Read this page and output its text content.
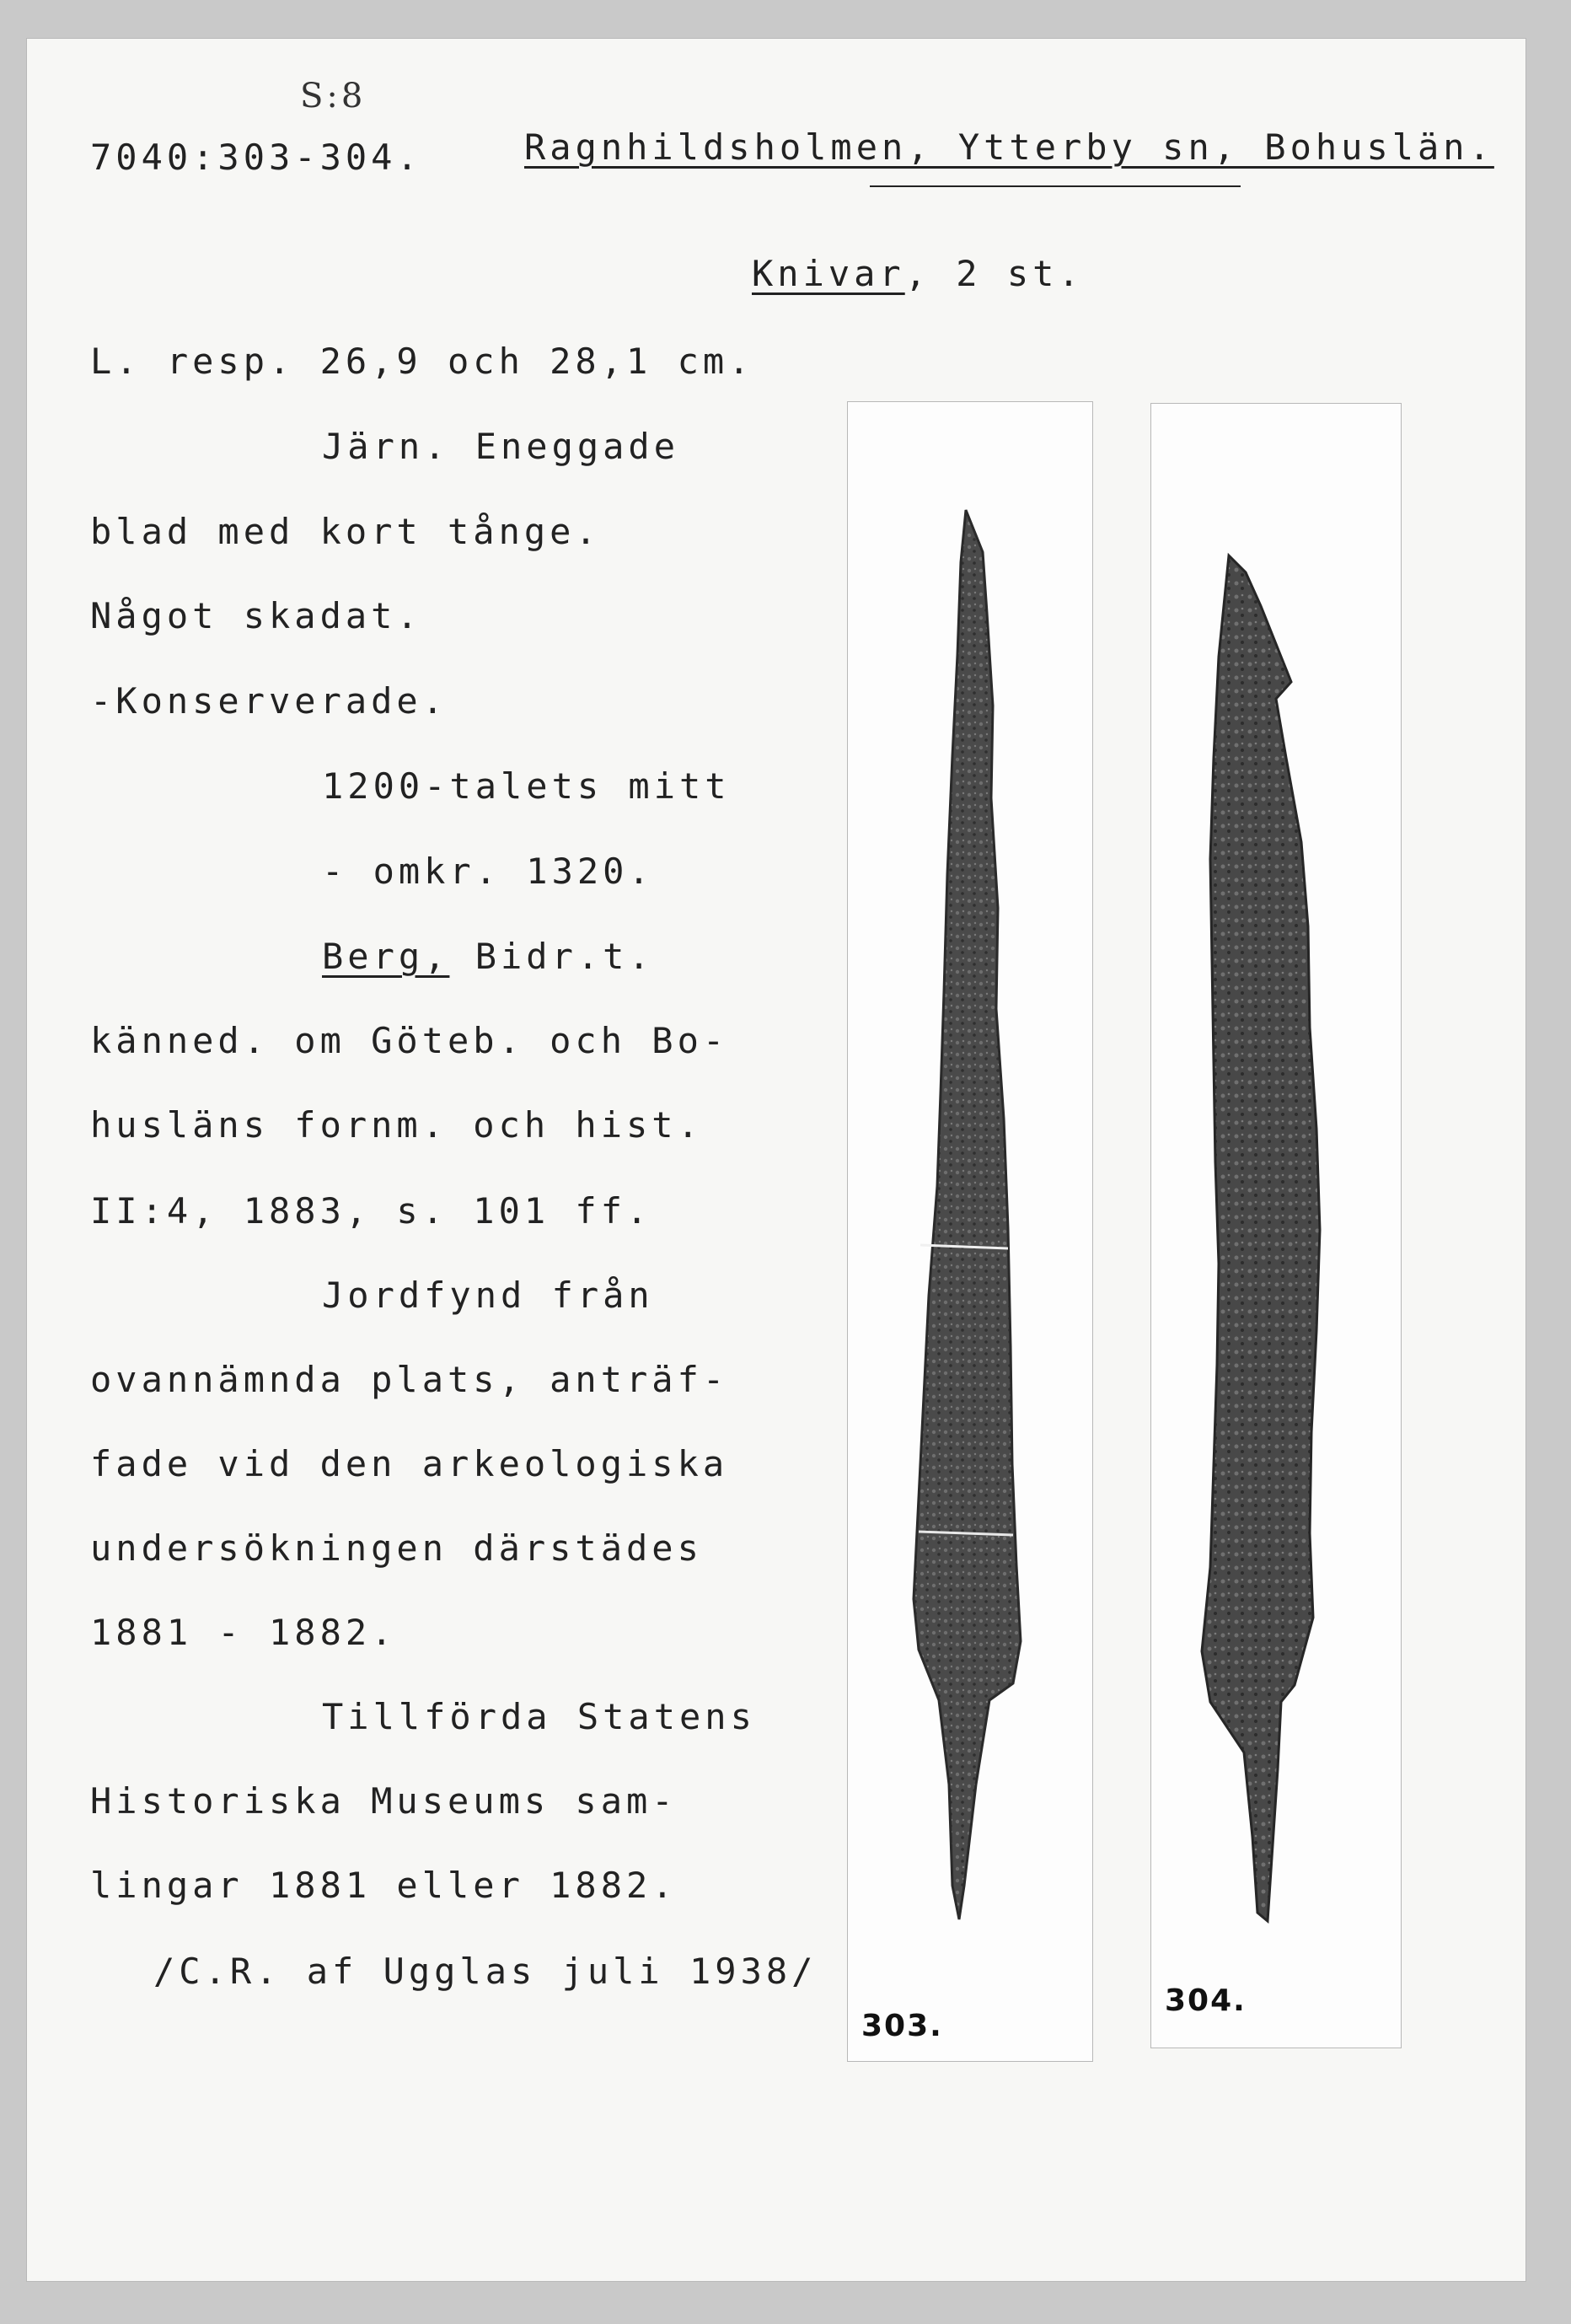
S:8
7040:303-304.	Ragnhildsholmen, Ytterby sn, Bohuslän.
Knivar, 2 st.
L. resp. 26,9 och 28,1 cm.
Järn. Eneggade
blad med kort tånge.
Något skadat.
-Konserverade.
1200-talets mitt
- omkr. 1320.
Berg, Bidr.t.
känned. om Göteb. och Bo-
husläns fornm. och hist.
II:4, 1883, s. 101 ff.
Jordfynd från
ovannämnda plats, anträf-
fade vid den arkeologiska
undersökningen därstädes
1881 - 1882.
Tillförda Statens
Historiska Museums sam-
lingar 1881 eller 1882.
/C.R. af Ugglas juli 1938/
303.
304.
